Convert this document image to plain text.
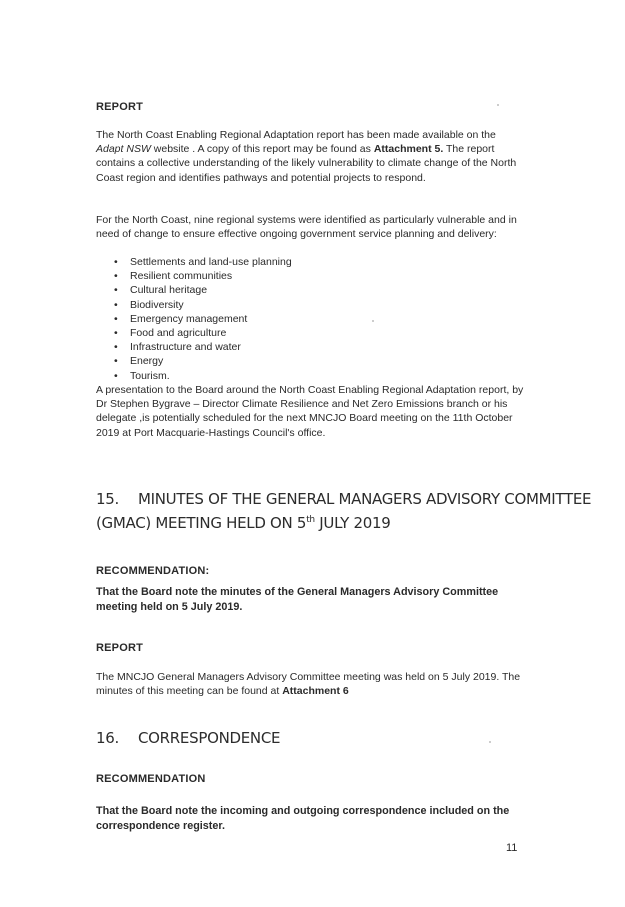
REPORT

The North Coast Enabling Regional Adaptation report has been made available on the Adapt NSW website . A copy of this report may be found as Attachment 5. The report contains a collective understanding of the likely vulnerability to climate change of the North Coast region and identifies pathways and potential projects to respond.

For the North Coast, nine regional systems were identified as particularly vulnerable and in need of change to ensure effective ongoing government service planning and delivery:

• Settlements and land-use planning
• Resilient communities
• Cultural heritage
• Biodiversity
• Emergency management
• Food and agriculture
• Infrastructure and water
• Energy
• Tourism.

A presentation to the Board around the North Coast Enabling Regional Adaptation report, by Dr Stephen Bygrave – Director Climate Resilience and Net Zero Emissions branch or his delegate ,is potentially scheduled for the next MNCJO Board meeting on the 11th October 2019 at Port Macquarie-Hastings Council's office.

15. MINUTES OF THE GENERAL MANAGERS ADVISORY COMMITTEE
(GMAC) MEETING HELD ON 5th JULY 2019
RECOMMENDATION:

That the Board note the minutes of the General Managers Advisory Committee meeting held on 5 July 2019.

REPORT

The MNCJO General Managers Advisory Committee meeting was held on 5 July 2019. The minutes of this meeting can be found at Attachment 6

16. CORRESPONDENCE
RECOMMENDATION

That the Board note the incoming and outgoing correspondence included on the correspondence register.

11
